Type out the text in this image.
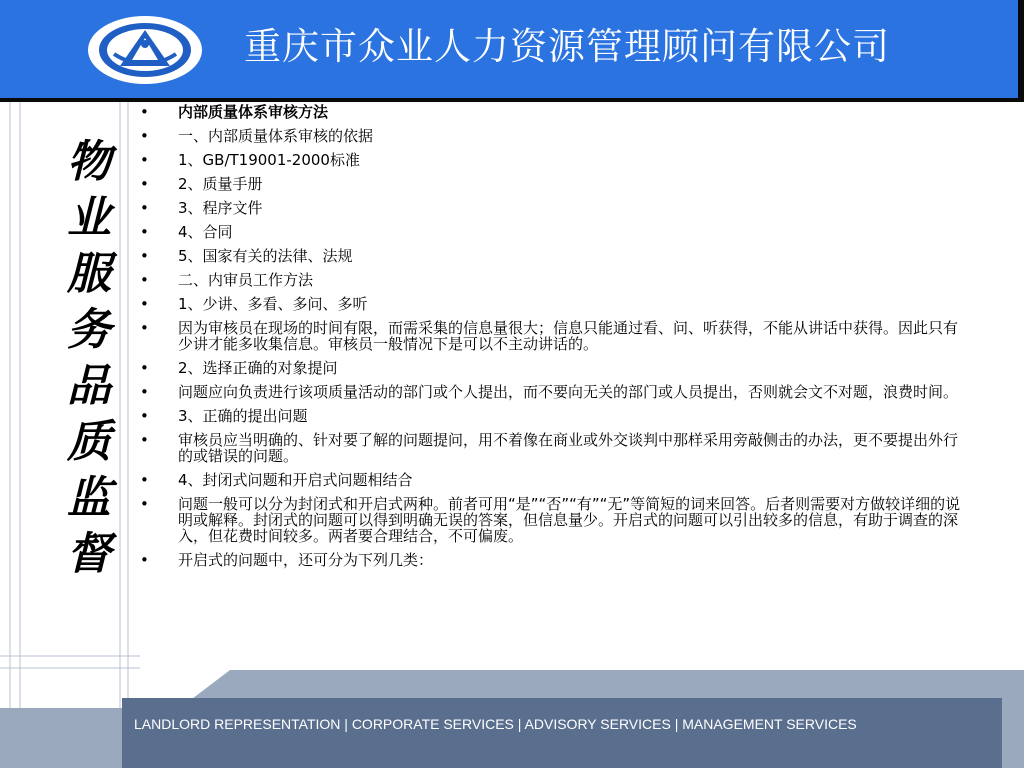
重庆市众业人力资源管理顾问有限公司
物业服务品质监督
• 内部质量体系审核方法
• 一、内部质量体系审核的依据
• 1、GB/T19001-2000标准
• 2、质量手册
• 3、程序文件
• 4、合同
• 5、国家有关的法律、法规
• 二、内审员工作方法
• 1、少讲、多看、多问、多听
• 因为审核员在现场的时间有限，而需采集的信息量很大；信息只能通过看、问、听获得，不能从讲话中获得。因此只有少讲才能多收集信息。审核员一般情况下是可以不主动讲话的。
• 2、选择正确的对象提问
• 问题应向负责进行该项质量活动的部门或个人提出，而不要向无关的部门或人员提出，否则就会文不对题，浪费时间。
• 3、正确的提出问题
• 审核员应当明确的、针对要了解的问题提问，用不着像在商业或外交谈判中那样采用旁敲侧击的办法，更不要提出外行的或错误的问题。
• 4、封闭式问题和开启式问题相结合
• 问题一般可以分为封闭式和开启式两种。前者可用“是”“否”“有”“无”等简短的词来回答。后者则需要对方做较详细的说明或解释。封闭式的问题可以得到明确无误的答案，但信息量少。开启式的问题可以引出较多的信息，有助于调查的深入，但花费时间较多。两者要合理结合，不可偏废。
• 开启式的问题中，还可分为下列几类：
LANDLORD REPRESENTATION | CORPORATE SERVICES | ADVISORY SERVICES | MANAGEMENT SERVICES
